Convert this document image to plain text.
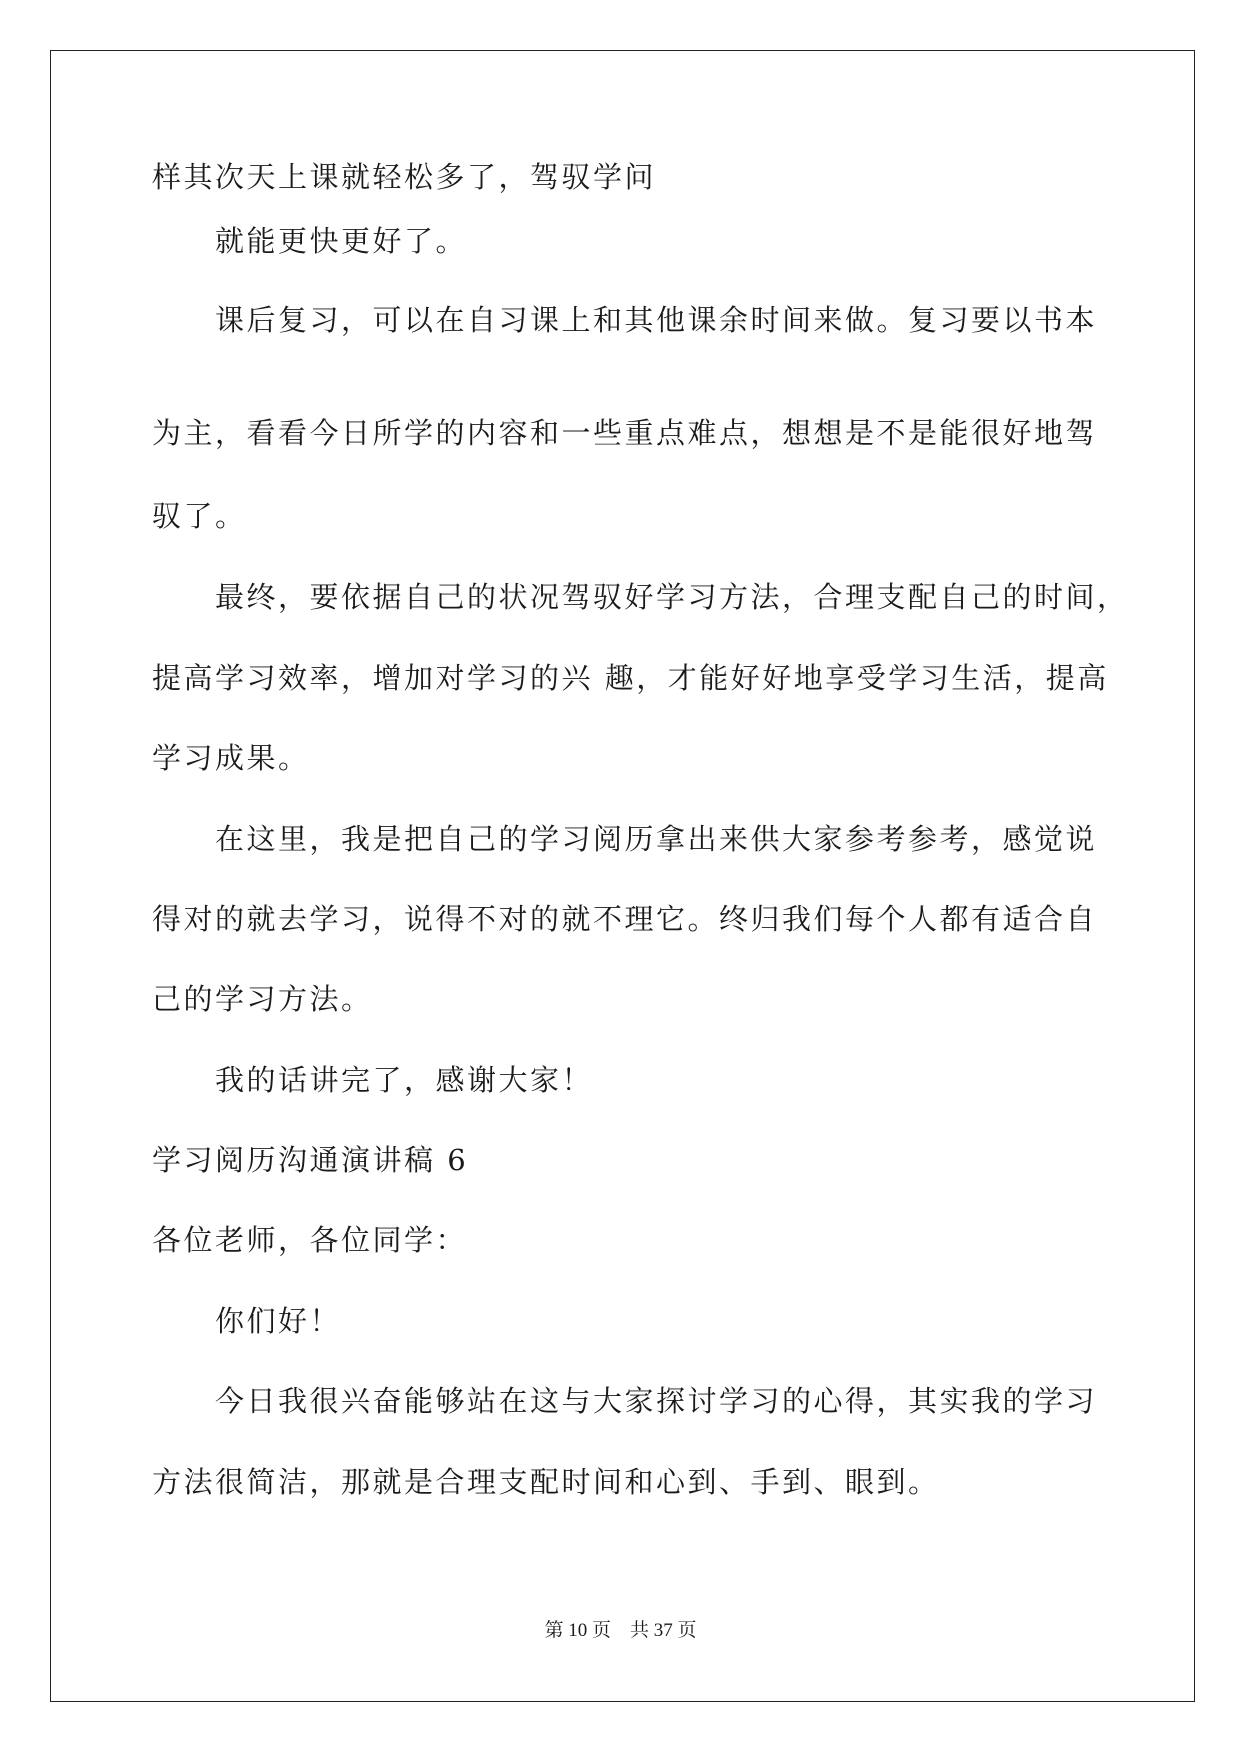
样其次天上课就轻松多了，驾驭学问
就能更快更好了。
课后复习，可以在自习课上和其他课余时间来做。复习要以书本
为主，看看今日所学的内容和一些重点难点，想想是不是能很好地驾
驭了。
最终，要依据自己的状况驾驭好学习方法，合理支配自己的时间，
提高学习效率，增加对学习的兴 趣，才能好好地享受学习生活，提高
学习成果。
在这里，我是把自己的学习阅历拿出来供大家参考参考，感觉说
得对的就去学习，说得不对的就不理它。终归我们每个人都有适合自
己的学习方法。
我的话讲完了，感谢大家！
学习阅历沟通演讲稿 6
各位老师，各位同学：
你们好！
今日我很兴奋能够站在这与大家探讨学习的心得，其实我的学习
方法很简洁，那就是合理支配时间和心到、手到、眼到。
第 10 页　共 37 页
